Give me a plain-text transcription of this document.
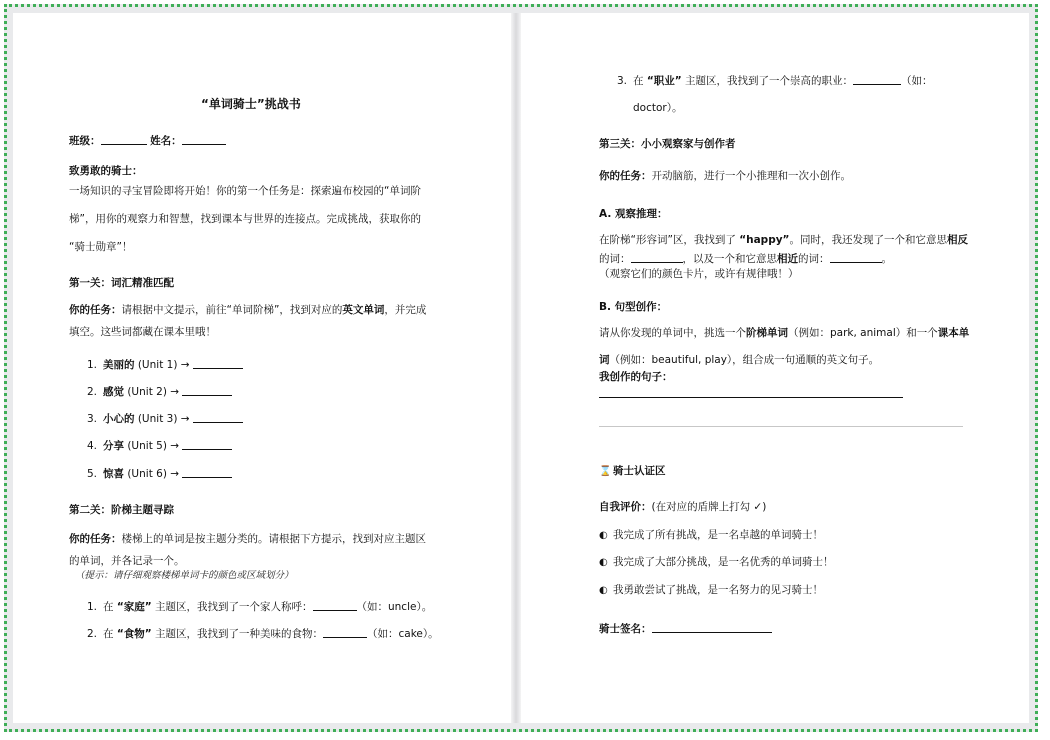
“单词骑士”挑战书
班级：	姓名：
致勇敢的骑士：
一场知识的寻宝冒险即将开始！你的第一个任务是：探索遍布校园的“单词阶
梯”，用你的观察力和智慧，找到课本与世界的连接点。完成挑战，获取你的
“骑士勋章”！
第一关：词汇精准匹配
你的任务：请根据中文提示，前往“单词阶梯”，找到对应的英文单词，并完成
填空。这些词都藏在课本里哦！
1. 美丽的 (Unit 1) →
2. 感觉 (Unit 2) →
3. 小心的 (Unit 3) →
4. 分享 (Unit 5) →
5. 惊喜 (Unit 6) →
第二关：阶梯主题寻踪
你的任务：楼梯上的单词是按主题分类的。请根据下方提示，找到对应主题区
的单词，并各记录一个。
（提示：请仔细观察楼梯单词卡的颜色或区域划分）
1. 在 “家庭” 主题区，我找到了一个家人称呼：	（如：uncle）。
2. 在 “食物” 主题区，我找到了一种美味的食物：	（如：cake）。
3. 在 “职业” 主题区，我找到了一个崇高的职业：	（如：
doctor）。
第三关：小小观察家与创作者
你的任务：开动脑筋，进行一个小推理和一次小创作。
A. 观察推理：
在阶梯“形容词”区，我找到了 “happy”。同时，我还发现了一个和它意思相反
的词：	，以及一个和它意思相近的词：	。
（观察它们的颜色卡片，或许有规律哦！）
B. 句型创作：
请从你发现的单词中，挑选一个阶梯单词（例如：park, animal）和一个课本单
词（例如：beautiful, play），组合成一句通顺的英文句子。
我创作的句子：
⌛ 骑士认证区
自我评价：(在对应的盾牌上打勾 ✓)
◐ 我完成了所有挑战，是一名卓越的单词骑士！
◐ 我完成了大部分挑战，是一名优秀的单词骑士！
◐ 我勇敢尝试了挑战，是一名努力的见习骑士！
骑士签名：
